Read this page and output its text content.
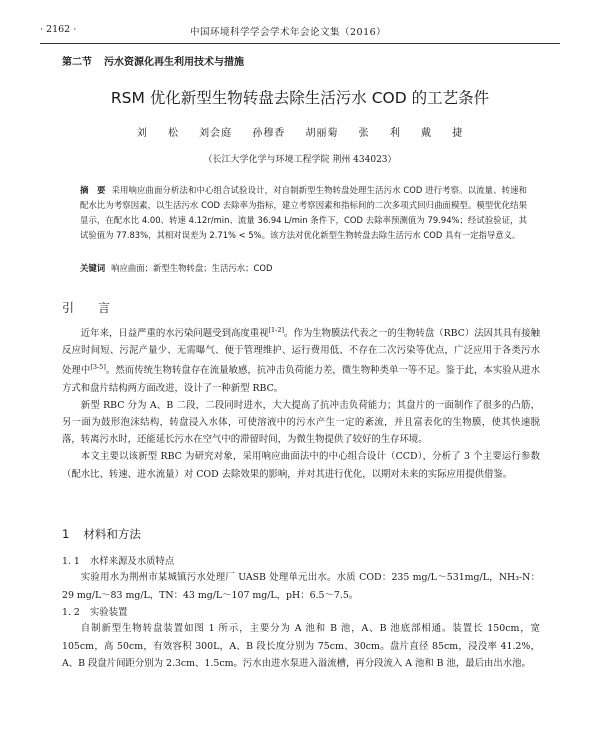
· 2162 ·	中国环境科学学会学术年会论文集（2016）
第二节 污水资源化再生利用技术与措施
RSM 优化新型生物转盘去除生活污水 COD 的工艺条件
刘 松 刘会庭 孙穆香 胡丽菊 张 利 戴 捷
（长江大学化学与环境工程学院 荆州 434023）
摘　要 采用响应曲面分析法和中心组合试验设计，对自制新型生物转盘处理生活污水 COD 进行考察。以流量、转速和配水比为考察因素，以生活污水 COD 去除率为指标，建立考察因素和指标间的二次多项式回归曲面模型。模型优化结果显示，在配水比 4.00、转速 4.12r/min、流量 36.94 L/min 条件下，COD 去除率预测值为 79.94%；经试验验证，其试验值为 77.83%，其相对误差为 2.71% < 5%。该方法对优化新型生物转盘去除生活污水 COD 具有一定指导意义。
关键词 响应曲面；新型生物转盘；生活污水；COD
引　言

近年来，日益严重的水污染问题受到高度重视[1-2]。作为生物膜法代表之一的生物转盘（RBC）法因其具有接触反应时间短、污泥产量少、无需曝气、便于管理维护、运行费用低、不存在二次污染等优点，广泛应用于各类污水处理中[3-5]。然而传统生物转盘存在流量敏感，抗冲击负荷能力差，微生物种类单一等不足。鉴于此，本实验从进水方式和盘片结构两方面改进，设计了一种新型 RBC。

新型 RBC 分为 A、B 二段，二段同时进水，大大提高了抗冲击负荷能力；其盘片的一面制作了很多的凸筋，另一面为鼓形泡沫结构，转盘浸入水体，可使溶液中的污水产生一定的紊流，并且富表化的生物膜，使其快速脱落，转离污水时，还能延长污水在空气中的滞留时间，为微生物提供了较好的生存环境。

本文主要以该新型 RBC 为研究对象，采用响应曲面法中的中心组合设计（CCD），分析了 3 个主要运行参数（配水比、转速、进水流量）对 COD 去除效果的影响，并对其进行优化，以期对未来的实际应用提供借鉴。

1 材料和方法
1. 1 水样来源及水质特点

实验用水为荆州市某城镇污水处理厂 UASB 处理单元出水。水质 COD：235 mg/L～531mg/L，NH₃-N：29 mg/L～83 mg/L，TN：43 mg/L～107 mg/L，pH：6.5～7.5。

1. 2 实验装置

自制新型生物转盘装置如图 1 所示，主要分为 A 池和 B 池，A、B 池底部相通。装置长 150cm，宽 105cm，高 50cm，有效容积 300L，A、B 段长度分别为 75cm、30cm。盘片直径 85cm，浸没率 41.2%，A、B 段盘片间距分别为 2.3cm、1.5cm。污水由进水泵进入溢流槽，再分段流入 A 池和 B 池，最后由出水池。
